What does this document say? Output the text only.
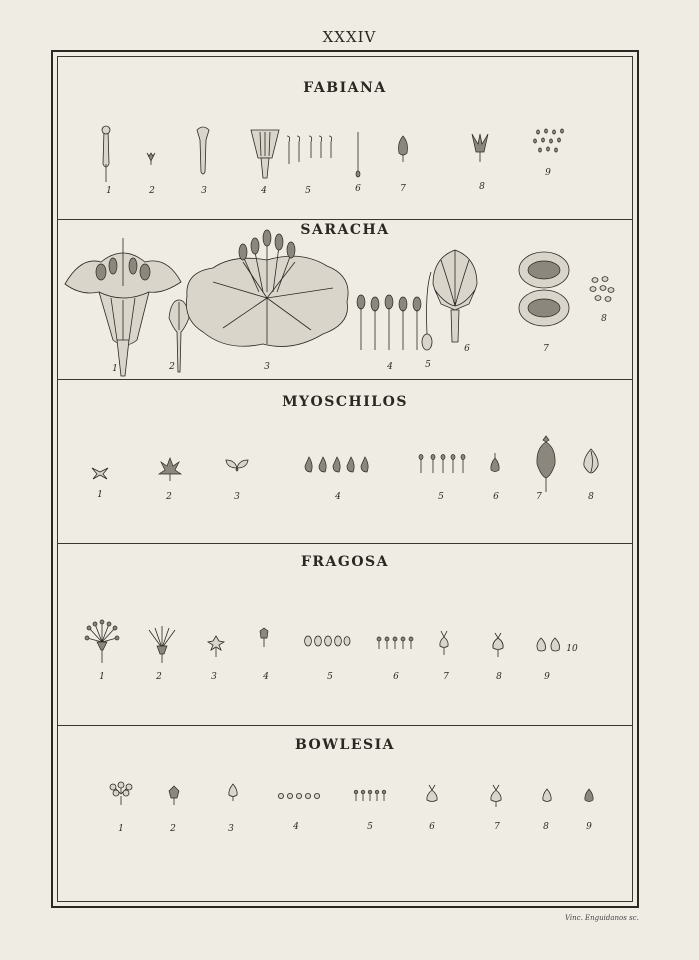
XXXIV
FABIANA
1	2	3	4	5	6	7	8
9
SARACHA
1	2	3	4	5
6	7
8
MYOSCHILOS
1	2	3	4	5	6	7	8
FRAGOSA
1	2	3	4	5	6	7	8	9
10
BOWLESIA
1	2	3	4	5	6	7	8	9
Vinc. Enguidanos sc.
